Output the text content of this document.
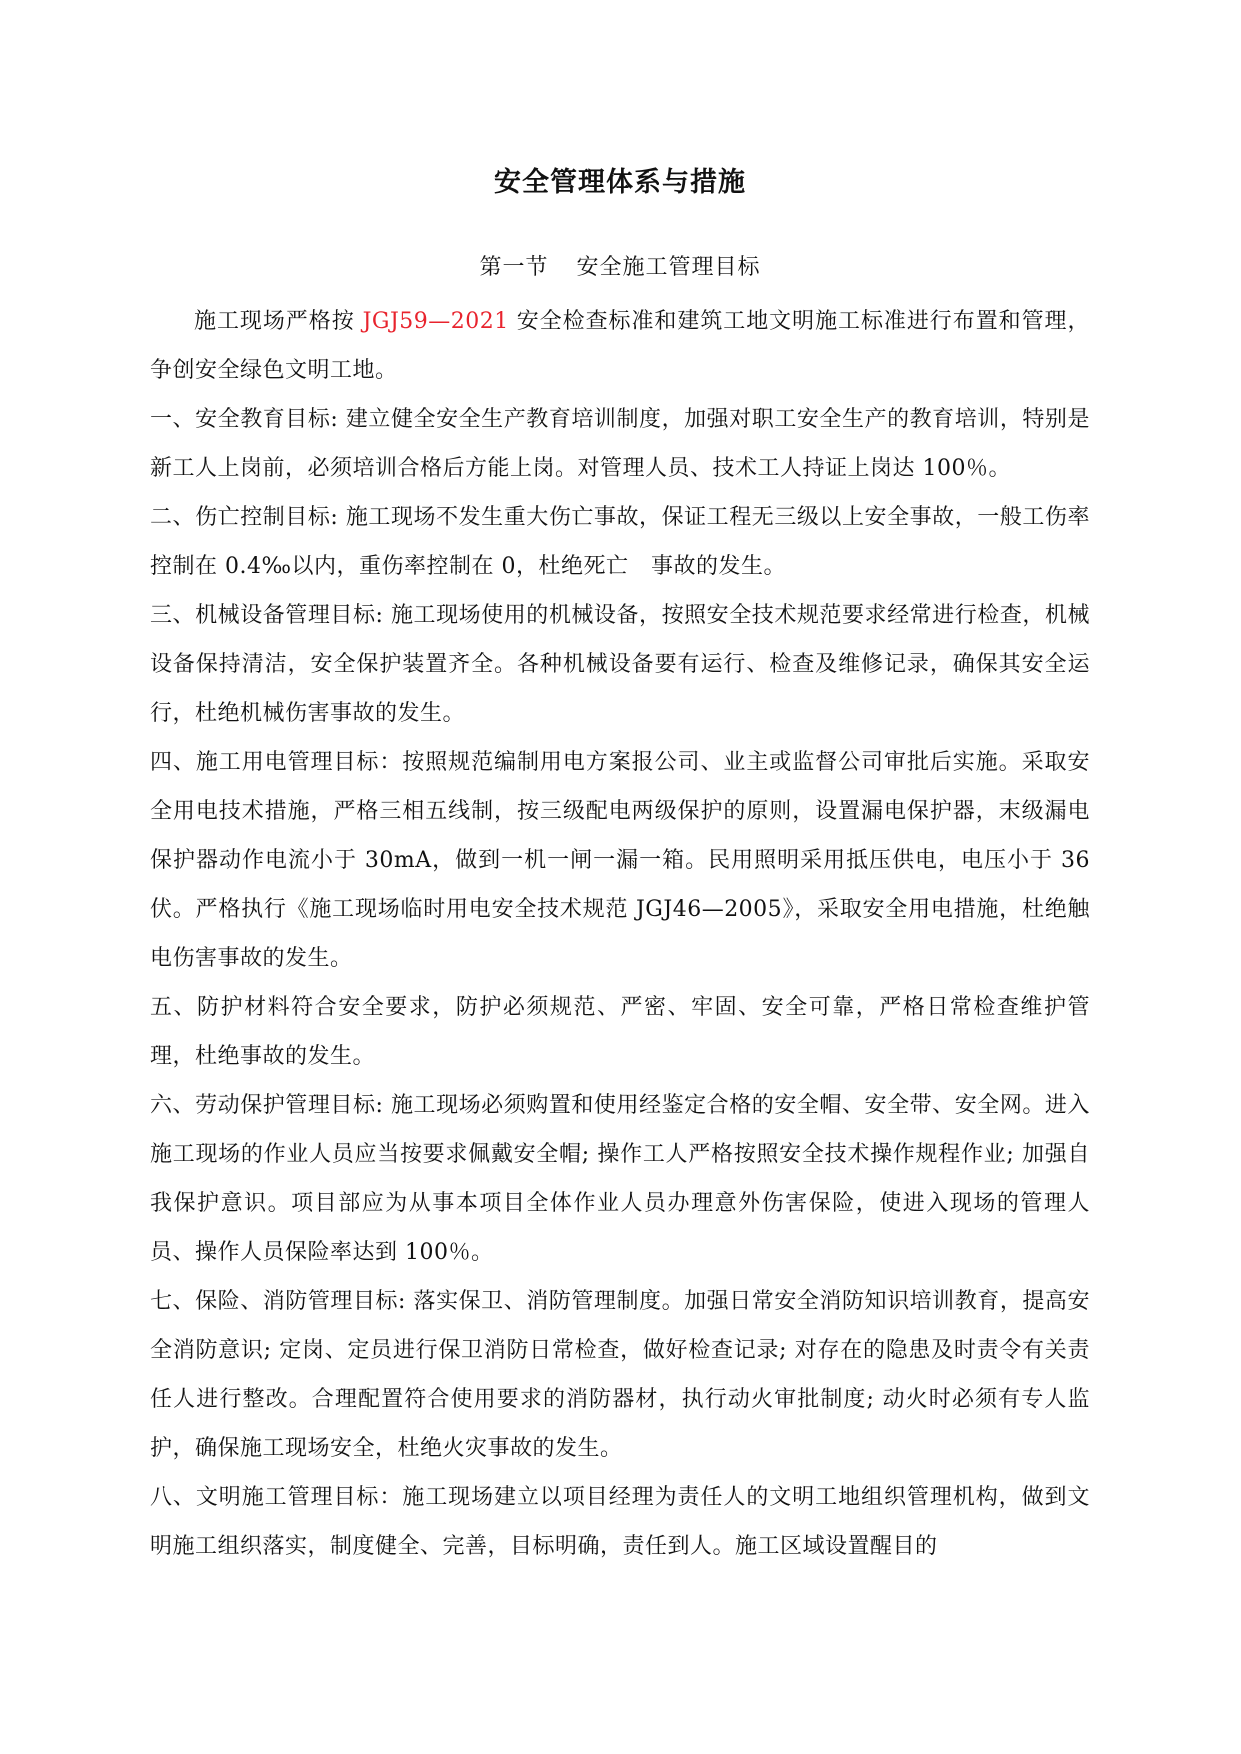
安全管理体系与措施
第一节 安全施工管理目标

施工现场严格按 JGJ59—2021 安全检查标准和建筑工地文明施工标准进行布置和管理，争创安全绿色文明工地。

一、安全教育目标: 建立健全安全生产教育培训制度，加强对职工安全生产的教育培训，特别是新工人上岗前，必须培训合格后方能上岗。对管理人员、技术工人持证上岗达 100％。

二、伤亡控制目标: 施工现场不发生重大伤亡事故，保证工程无三级以上安全事故，一般工伤率控制在 0.4‰以内，重伤率控制在 0，杜绝死亡　事故的发生。

三、机械设备管理目标: 施工现场使用的机械设备，按照安全技术规范要求经常进行检查，机械设备保持清洁，安全保护装置齐全。各种机械设备要有运行、检查及维修记录，确保其安全运行，杜绝机械伤害事故的发生。

四、施工用电管理目标：按照规范编制用电方案报公司、业主或监督公司审批后实施。采取安全用电技术措施，严格三相五线制，按三级配电两级保护的原则，设置漏电保护器，末级漏电保护器动作电流小于 30mA，做到一机一闸一漏一箱。民用照明采用抵压供电，电压小于 36 伏。严格执行《施工现场临时用电安全技术规范 JGJ46—2005》，采取安全用电措施，杜绝触电伤害事故的发生。

五、防护材料符合安全要求，防护必须规范、严密、牢固、安全可靠，严格日常检查维护管理，杜绝事故的发生。

六、劳动保护管理目标: 施工现场必须购置和使用经鉴定合格的安全帽、安全带、安全网。进入施工现场的作业人员应当按要求佩戴安全帽; 操作工人严格按照安全技术操作规程作业; 加强自我保护意识。项目部应为从事本项目全体作业人员办理意外伤害保险，使进入现场的管理人员、操作人员保险率达到 100％。

七、保险、消防管理目标: 落实保卫、消防管理制度。加强日常安全消防知识培训教育，提高安全消防意识; 定岗、定员进行保卫消防日常检查，做好检查记录; 对存在的隐患及时责令有关责任人进行整改。合理配置符合使用要求的消防器材，执行动火审批制度; 动火时必须有专人监护，确保施工现场安全，杜绝火灾事故的发生。

八、文明施工管理目标：施工现场建立以项目经理为责任人的文明工地组织管理机构，做到文明施工组织落实，制度健全、完善，目标明确，责任到人。施工区域设置醒目的
